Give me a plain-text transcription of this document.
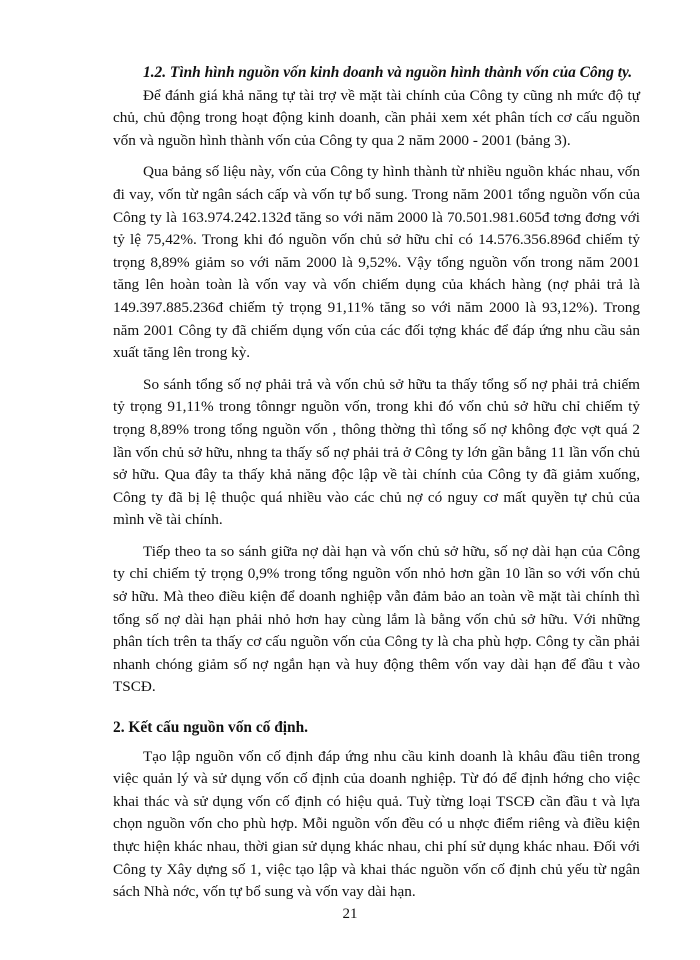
1.2. Tình hình nguồn vốn kinh doanh và nguồn hình thành vốn của Công ty.

Để đánh giá khả năng tự tài trợ về mặt tài chính của Công ty cũng nh mức độ tự chủ, chủ động trong hoạt động kinh doanh, cần phải xem xét phân tích cơ cấu nguồn vốn và nguồn hình thành vốn của Công ty qua 2 năm 2000 - 2001 (bảng 3).

Qua bảng số liệu này, vốn của Công ty hình thành từ nhiều nguồn khác nhau, vốn đi vay, vốn từ ngân sách cấp và vốn tự bổ sung. Trong năm 2001 tổng nguồn vốn của Công ty là 163.974.242.132đ tăng so với năm 2000 là 70.501.981.605đ tơng đơng với tỷ lệ 75,42%. Trong khi đó nguồn vốn chủ sở hữu chỉ có 14.576.356.896đ chiếm tỷ trọng 8,89% giảm so với năm 2000 là 9,52%. Vậy tổng nguồn vốn trong năm 2001 tăng lên hoàn toàn là vốn vay và vốn chiếm dụng của khách hàng (nợ phải trả là 149.397.885.236đ chiếm tỷ trọng 91,11% tăng so với năm 2000 là 93,12%). Trong năm 2001 Công ty đã chiếm dụng vốn của các đối tợng khác để đáp ứng nhu cầu sản xuất tăng lên trong kỳ.

So sánh tổng số nợ phải trả và vốn chủ sở hữu ta thấy tổng số nợ phải trả chiếm tỷ trọng 91,11% trong tônngr nguồn vốn, trong khi đó vốn chủ sở hữu chỉ chiếm tỷ trọng 8,89% trong tổng nguồn vốn , thông thờng thì tổng số nợ không đợc vợt quá 2 lần vốn chủ sở hữu, nhng ta thấy số nợ phải trả ở Công ty lớn gần bằng 11 lần vốn chủ sở hữu. Qua đây ta thấy khả năng độc lập về tài chính của Công ty đã giảm xuống, Công ty đã bị lệ thuộc quá nhiều vào các chủ nợ có nguy cơ mất quyền tự chủ của mình về tài chính.

Tiếp theo ta so sánh giữa nợ dài hạn và vốn chủ sở hữu, số nợ dài hạn của Công ty chỉ chiếm tỷ trọng 0,9% trong tổng nguồn vốn nhỏ hơn gần 10 lần so với vốn chủ sở hữu. Mà theo điều kiện để doanh nghiệp vẫn đảm bảo an toàn về mặt tài chính thì tổng số nợ dài hạn phải nhỏ hơn hay cùng lắm là bằng vốn chủ sở hữu. Với những phân tích trên ta thấy cơ cấu nguồn vốn của Công ty là cha phù hợp. Công ty cần phải nhanh chóng giảm số nợ ngắn hạn và huy động thêm vốn vay dài hạn để đầu t vào TSCĐ.

2. Kết cấu nguồn vốn cố định.

Tạo lập nguồn vốn cố định đáp ứng nhu cầu kinh doanh là khâu đầu tiên trong việc quản lý và sử dụng vốn cố định của doanh nghiệp. Từ đó để định hớng cho việc khai thác và sử dụng vốn cố định có hiệu quả. Tuỳ từng loại TSCĐ cần đầu t và lựa chọn nguồn vốn cho phù hợp. Mỗi nguồn vốn đều có u nhợc điểm riêng và điều kiện thực hiện khác nhau, thời gian sử dụng khác nhau, chi phí sử dụng khác nhau. Đối với Công ty Xây dựng số 1, việc tạo lập và khai thác nguồn vốn cố định chủ yếu từ ngân sách Nhà nớc, vốn tự bổ sung và vốn vay dài hạn.

21
